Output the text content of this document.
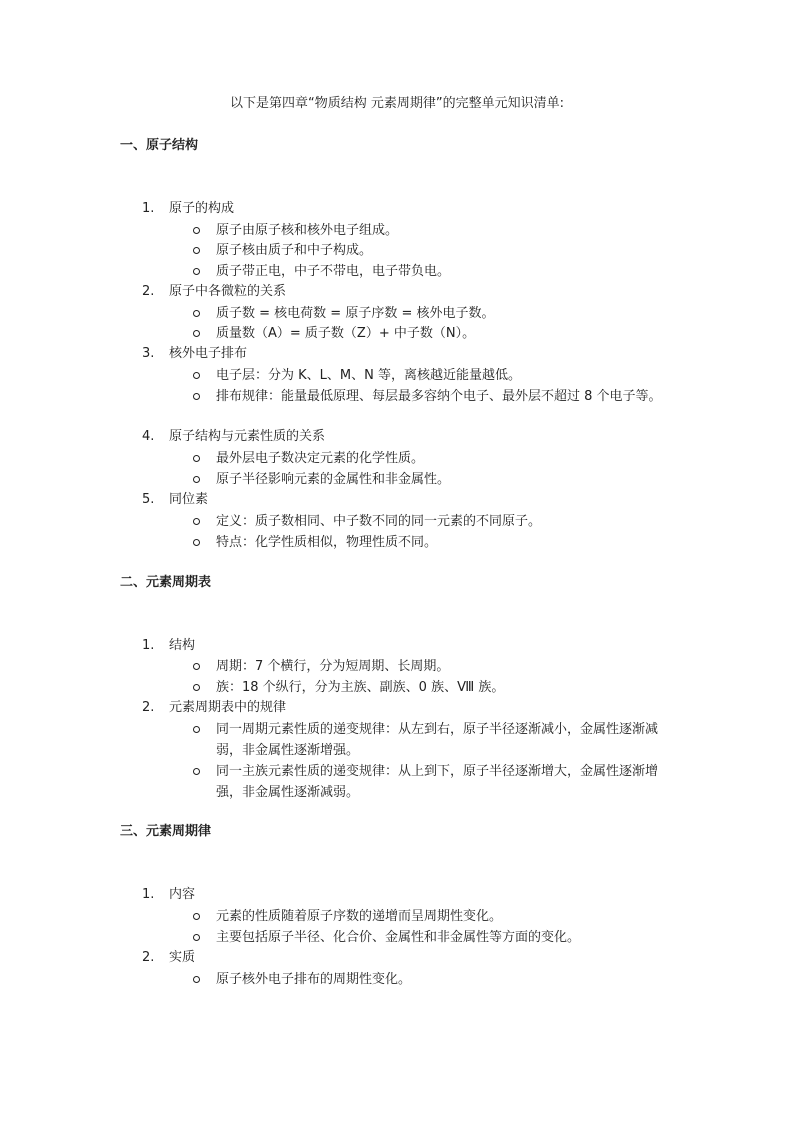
以下是第四章“物质结构 元素周期律”的完整单元知识清单:
一、原子结构
1.	原子的构成
原子由原子核和核外电子组成。
原子核由质子和中子构成。
质子带正电，中子不带电，电子带负电。
2.	原子中各微粒的关系
质子数 = 核电荷数 = 原子序数 = 核外电子数。
质量数（A）= 质子数（Z）+ 中子数（N）。
3.	核外电子排布
电子层：分为 K、L、M、N 等，离核越近能量越低。
排布规律：能量最低原理、每层最多容纳个电子、最外层不超过 8 个电子等。
4.	原子结构与元素性质的关系
最外层电子数决定元素的化学性质。
原子半径影响元素的金属性和非金属性。
5.	同位素
定义：质子数相同、中子数不同的同一元素的不同原子。
特点：化学性质相似，物理性质不同。
二、元素周期表
1.	结构
周期：7 个横行，分为短周期、长周期。
族：18 个纵行，分为主族、副族、0 族、Ⅷ 族。
2.	元素周期表中的规律
同一周期元素性质的递变规律：从左到右，原子半径逐渐减小，金属性逐渐减弱，非金属性逐渐增强。
同一主族元素性质的递变规律：从上到下，原子半径逐渐增大，金属性逐渐增强，非金属性逐渐减弱。
三、元素周期律
1.	内容
元素的性质随着原子序数的递增而呈周期性变化。
主要包括原子半径、化合价、金属性和非金属性等方面的变化。
2.	实质
原子核外电子排布的周期性变化。
